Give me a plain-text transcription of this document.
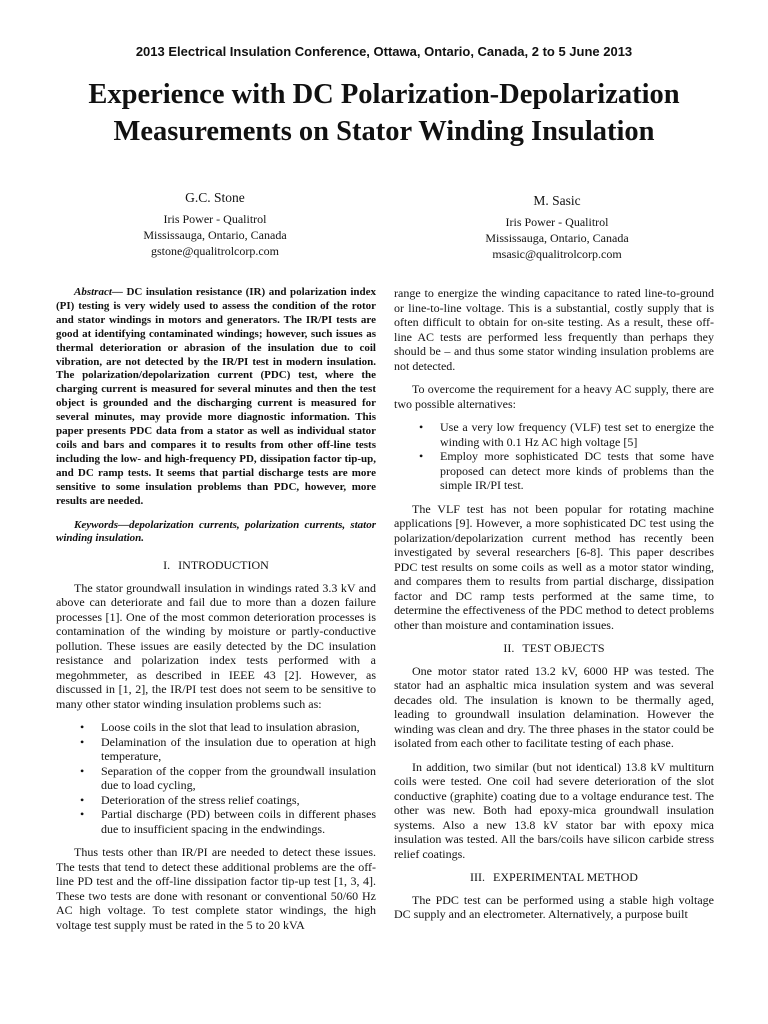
2013 Electrical Insulation Conference, Ottawa, Ontario, Canada, 2 to 5 June 2013
Experience with DC Polarization-Depolarization
Measurements on Stator Winding Insulation
G.C. Stone
Iris Power - Qualitrol
Mississauga, Ontario, Canada
gstone@qualitrolcorp.com
M. Sasic
Iris Power - Qualitrol
Mississauga, Ontario, Canada
msasic@qualitrolcorp.com

Abstract— DC insulation resistance (IR) and polarization index (PI) testing is very widely used to assess the condition of the rotor and stator windings in motors and generators. The IR/PI tests are good at identifying contaminated windings; however, such issues as thermal deterioration or abrasion of the insulation due to coil vibration, are not detected by the IR/PI test in modern insulation. The polarization/depolarization current (PDC) test, where the charging current is measured for several minutes and then the test object is grounded and the discharging current is measured for several minutes, may provide more diagnostic information. This paper presents PDC data from a stator as well as individual stator coils and bars and compares it to results from other off-line tests including the low- and high-frequency PD, dissipation factor tip-up, and DC ramp tests. It seems that partial discharge tests are more sensitive to some insulation problems than PDC, however, more results are needed.

Keywords—depolarization currents, polarization currents, stator winding insulation.

I. INTRODUCTION

The stator groundwall insulation in windings rated 3.3 kV and above can deteriorate and fail due to more than a dozen failure processes [1]. One of the most common deterioration processes is contamination of the winding by moisture or partly-conductive pollution. These issues are easily detected by the DC insulation resistance and polarization index tests performed with a megohmmeter, as described in IEEE 43 [2]. However, as discussed in [1, 2], the IR/PI test does not seem to be sensitive to many other stator winding insulation problems such as:

• Loose coils in the slot that lead to insulation abrasion,
• Delamination of the insulation due to operation at high temperature,
• Separation of the copper from the groundwall insulation due to load cycling,
• Deterioration of the stress relief coatings,
• Partial discharge (PD) between coils in different phases due to insufficient spacing in the endwindings.

Thus tests other than IR/PI are needed to detect these issues. The tests that tend to detect these additional problems are the off-line PD test and the off-line dissipation factor tip-up test [1, 3, 4]. These two tests are done with resonant or conventional 50/60 Hz AC high voltage. To test complete stator windings, the high voltage test supply must be rated in the 5 to 20 kVA

range to energize the winding capacitance to rated line-to-ground or line-to-line voltage. This is a substantial, costly supply that is often difficult to obtain for on-site testing. As a result, these off-line AC tests are performed less frequently than perhaps they should be – and thus some stator winding insulation problems are not detected.

To overcome the requirement for a heavy AC supply, there are two possible alternatives:

• Use a very low frequency (VLF) test set to energize the winding with 0.1 Hz AC high voltage [5]
• Employ more sophisticated DC tests that some have proposed can detect more kinds of problems than the simple IR/PI test.

The VLF test has not been popular for rotating machine applications [9]. However, a more sophisticated DC test using the polarization/depolarization current method has recently been investigated by several researchers [6-8]. This paper describes PDC test results on some coils as well as a motor stator winding, and compares them to results from partial discharge, dissipation factor and DC ramp tests performed at the same time, to determine the effectiveness of the PDC method to detect problems other than moisture and contamination issues.

II. TEST OBJECTS

One motor stator rated 13.2 kV, 6000 HP was tested. The stator had an asphaltic mica insulation system and was several decades old. The insulation is known to be thermally aged, leading to groundwall insulation delamination. However the winding was clean and dry. The three phases in the stator could be isolated from each other to facilitate testing of each phase.

In addition, two similar (but not identical) 13.8 kV multiturn coils were tested. One coil had severe deterioration of the slot conductive (graphite) coating due to a voltage endurance test. The other was new. Both had epoxy-mica groundwall insulation systems. Also a new 13.8 kV stator bar with epoxy mica insulation was tested. All the bars/coils have silicon carbide stress relief coatings.

III. EXPERIMENTAL METHOD

The PDC test can be performed using a stable high voltage DC supply and an electrometer. Alternatively, a purpose built
